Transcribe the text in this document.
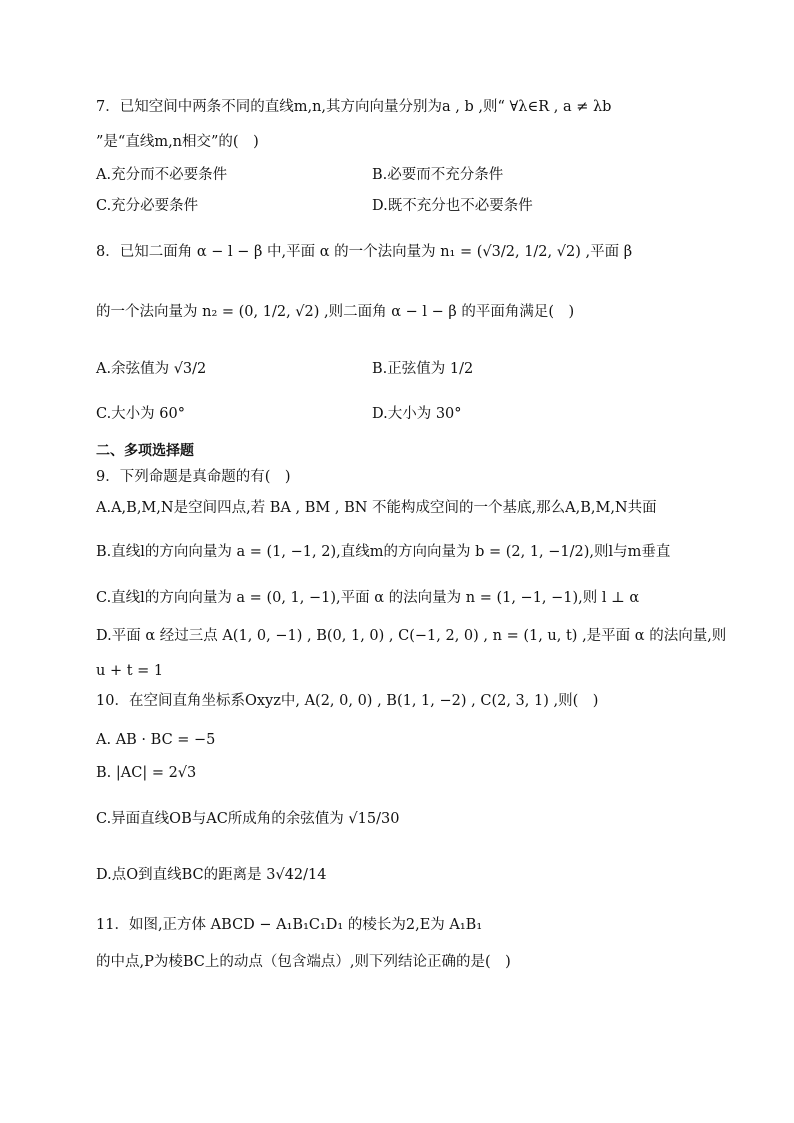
7．已知空间中两条不同的直线m,n,其方向向量分别为a , b ,则“ ∀λ∈R , a ≠ λb
”是“直线m,n相交”的(　)
A.充分而不必要条件	B.必要而不充分条件
C.充分必要条件	D.既不充分也不必要条件
8．已知二面角 α − l − β 中,平面 α 的一个法向量为 n₁ = (√3/2, 1/2, √2) ,平面 β
的一个法向量为 n₂ = (0, 1/2, √2) ,则二面角 α − l − β 的平面角满足(　)
A.余弦值为 √3/2	B.正弦值为 1/2
C.大小为 60°	D.大小为 30°
二、多项选择题
9．下列命题是真命题的有(　)
A.A,B,M,N是空间四点,若 BA , BM , BN 不能构成空间的一个基底,那么A,B,M,N共面
B.直线l的方向向量为 a = (1, −1, 2),直线m的方向向量为 b = (2, 1, −1/2),则l与m垂直
C.直线l的方向向量为 a = (0, 1, −1),平面 α 的法向量为 n = (1, −1, −1),则 l ⊥ α
D.平面 α 经过三点 A(1, 0, −1) , B(0, 1, 0) , C(−1, 2, 0) , n = (1, u, t) ,是平面 α 的法向量,则
u + t = 1
10．在空间直角坐标系Oxyz中, A(2, 0, 0) , B(1, 1, −2) , C(2, 3, 1) ,则(　)
A. AB · BC = −5
B. |AC| = 2√3
C.异面直线OB与AC所成角的余弦值为 √15/30
D.点O到直线BC的距离是 3√42/14
11．如图,正方体 ABCD − A₁B₁C₁D₁ 的棱长为2,E为 A₁B₁
的中点,P为棱BC上的动点（包含端点）,则下列结论正确的是(　)
